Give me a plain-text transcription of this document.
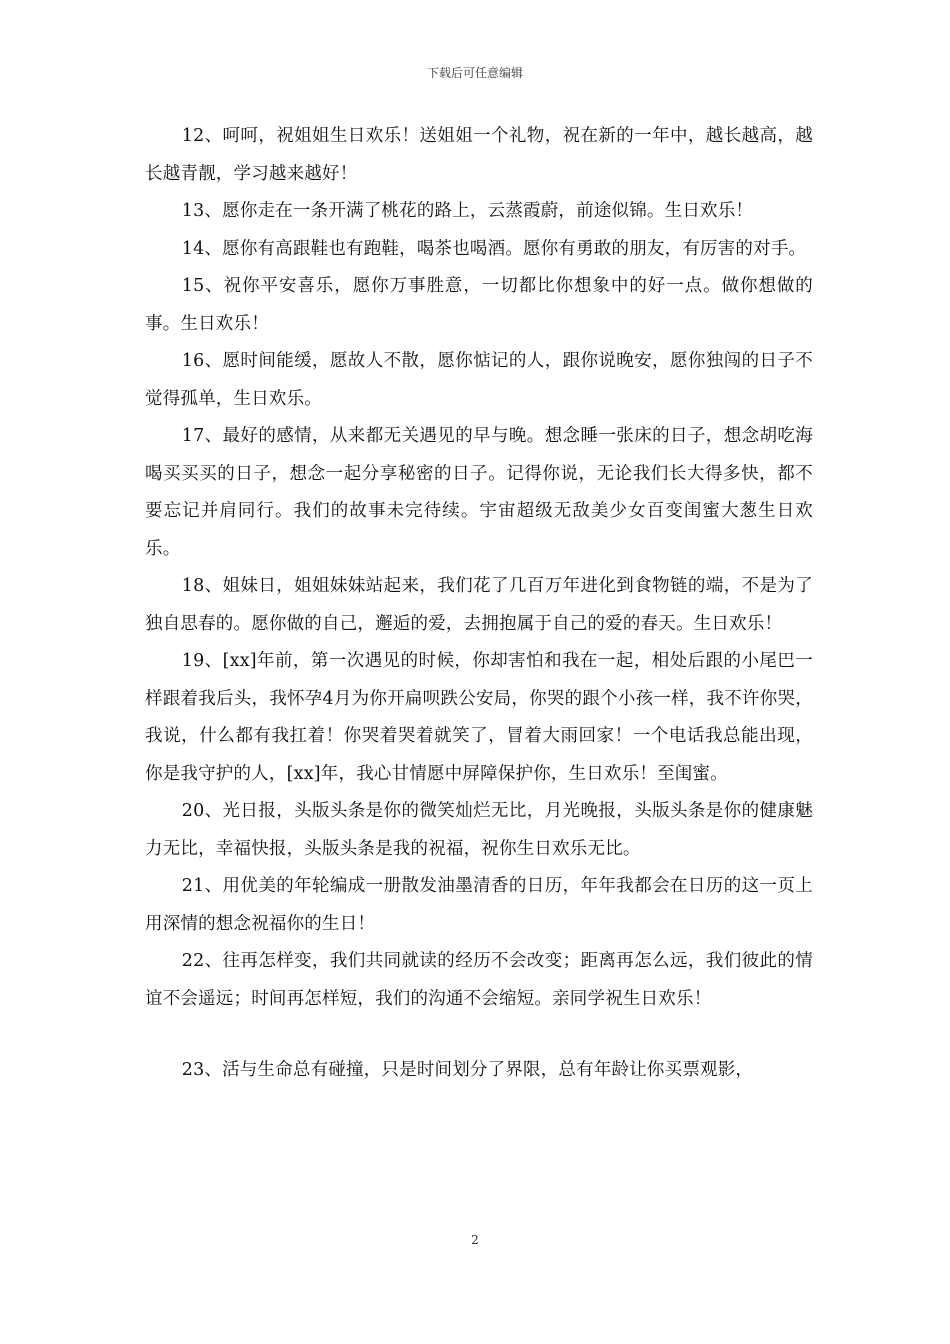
下载后可任意编辑

12、呵呵，祝姐姐生日欢乐！送姐姐一个礼物，祝在新的一年中，越长越高，越长越青靓，学习越来越好！

13、愿你走在一条开满了桃花的路上，云蒸霞蔚，前途似锦。生日欢乐！

14、愿你有高跟鞋也有跑鞋，喝茶也喝酒。愿你有勇敢的朋友，有厉害的对手。

15、祝你平安喜乐，愿你万事胜意，一切都比你想象中的好一点。做你想做的事。生日欢乐！

16、愿时间能缓，愿故人不散，愿你惦记的人，跟你说晚安，愿你独闯的日子不觉得孤单，生日欢乐。

17、最好的感情，从来都无关遇见的早与晚。想念睡一张床的日子，想念胡吃海喝买买买的日子，想念一起分享秘密的日子。记得你说，无论我们长大得多快，都不要忘记并肩同行。我们的故事未完待续。宇宙超级无敌美少女百变闺蜜大葱生日欢乐。

18、姐妹日，姐姐妹妹站起来，我们花了几百万年进化到食物链的端，不是为了独自思春的。愿你做的自己，邂逅的爱，去拥抱属于自己的爱的春天。生日欢乐！

19、[xx]年前，第一次遇见的时候，你却害怕和我在一起，相处后跟的小尾巴一样跟着我后头，我怀孕4月为你开扁呗跌公安局，你哭的跟个小孩一样，我不许你哭，我说，什么都有我扛着！你哭着哭着就笑了，冒着大雨回家！一个电话我总能出现，你是我守护的人，[xx]年，我心甘情愿中屏障保护你，生日欢乐！至闺蜜。

20、光日报，头版头条是你的微笑灿烂无比，月光晚报，头版头条是你的健康魅力无比，幸福快报，头版头条是我的祝福，祝你生日欢乐无比。

21、用优美的年轮编成一册散发油墨清香的日历，年年我都会在日历的这一页上用深情的想念祝福你的生日！

22、往再怎样变，我们共同就读的经历不会改变；距离再怎么远，我们彼此的情谊不会遥远；时间再怎样短，我们的沟通不会缩短。亲同学祝生日欢乐！

23、活与生命总有碰撞，只是时间划分了界限，总有年龄让你买票观影，

2
